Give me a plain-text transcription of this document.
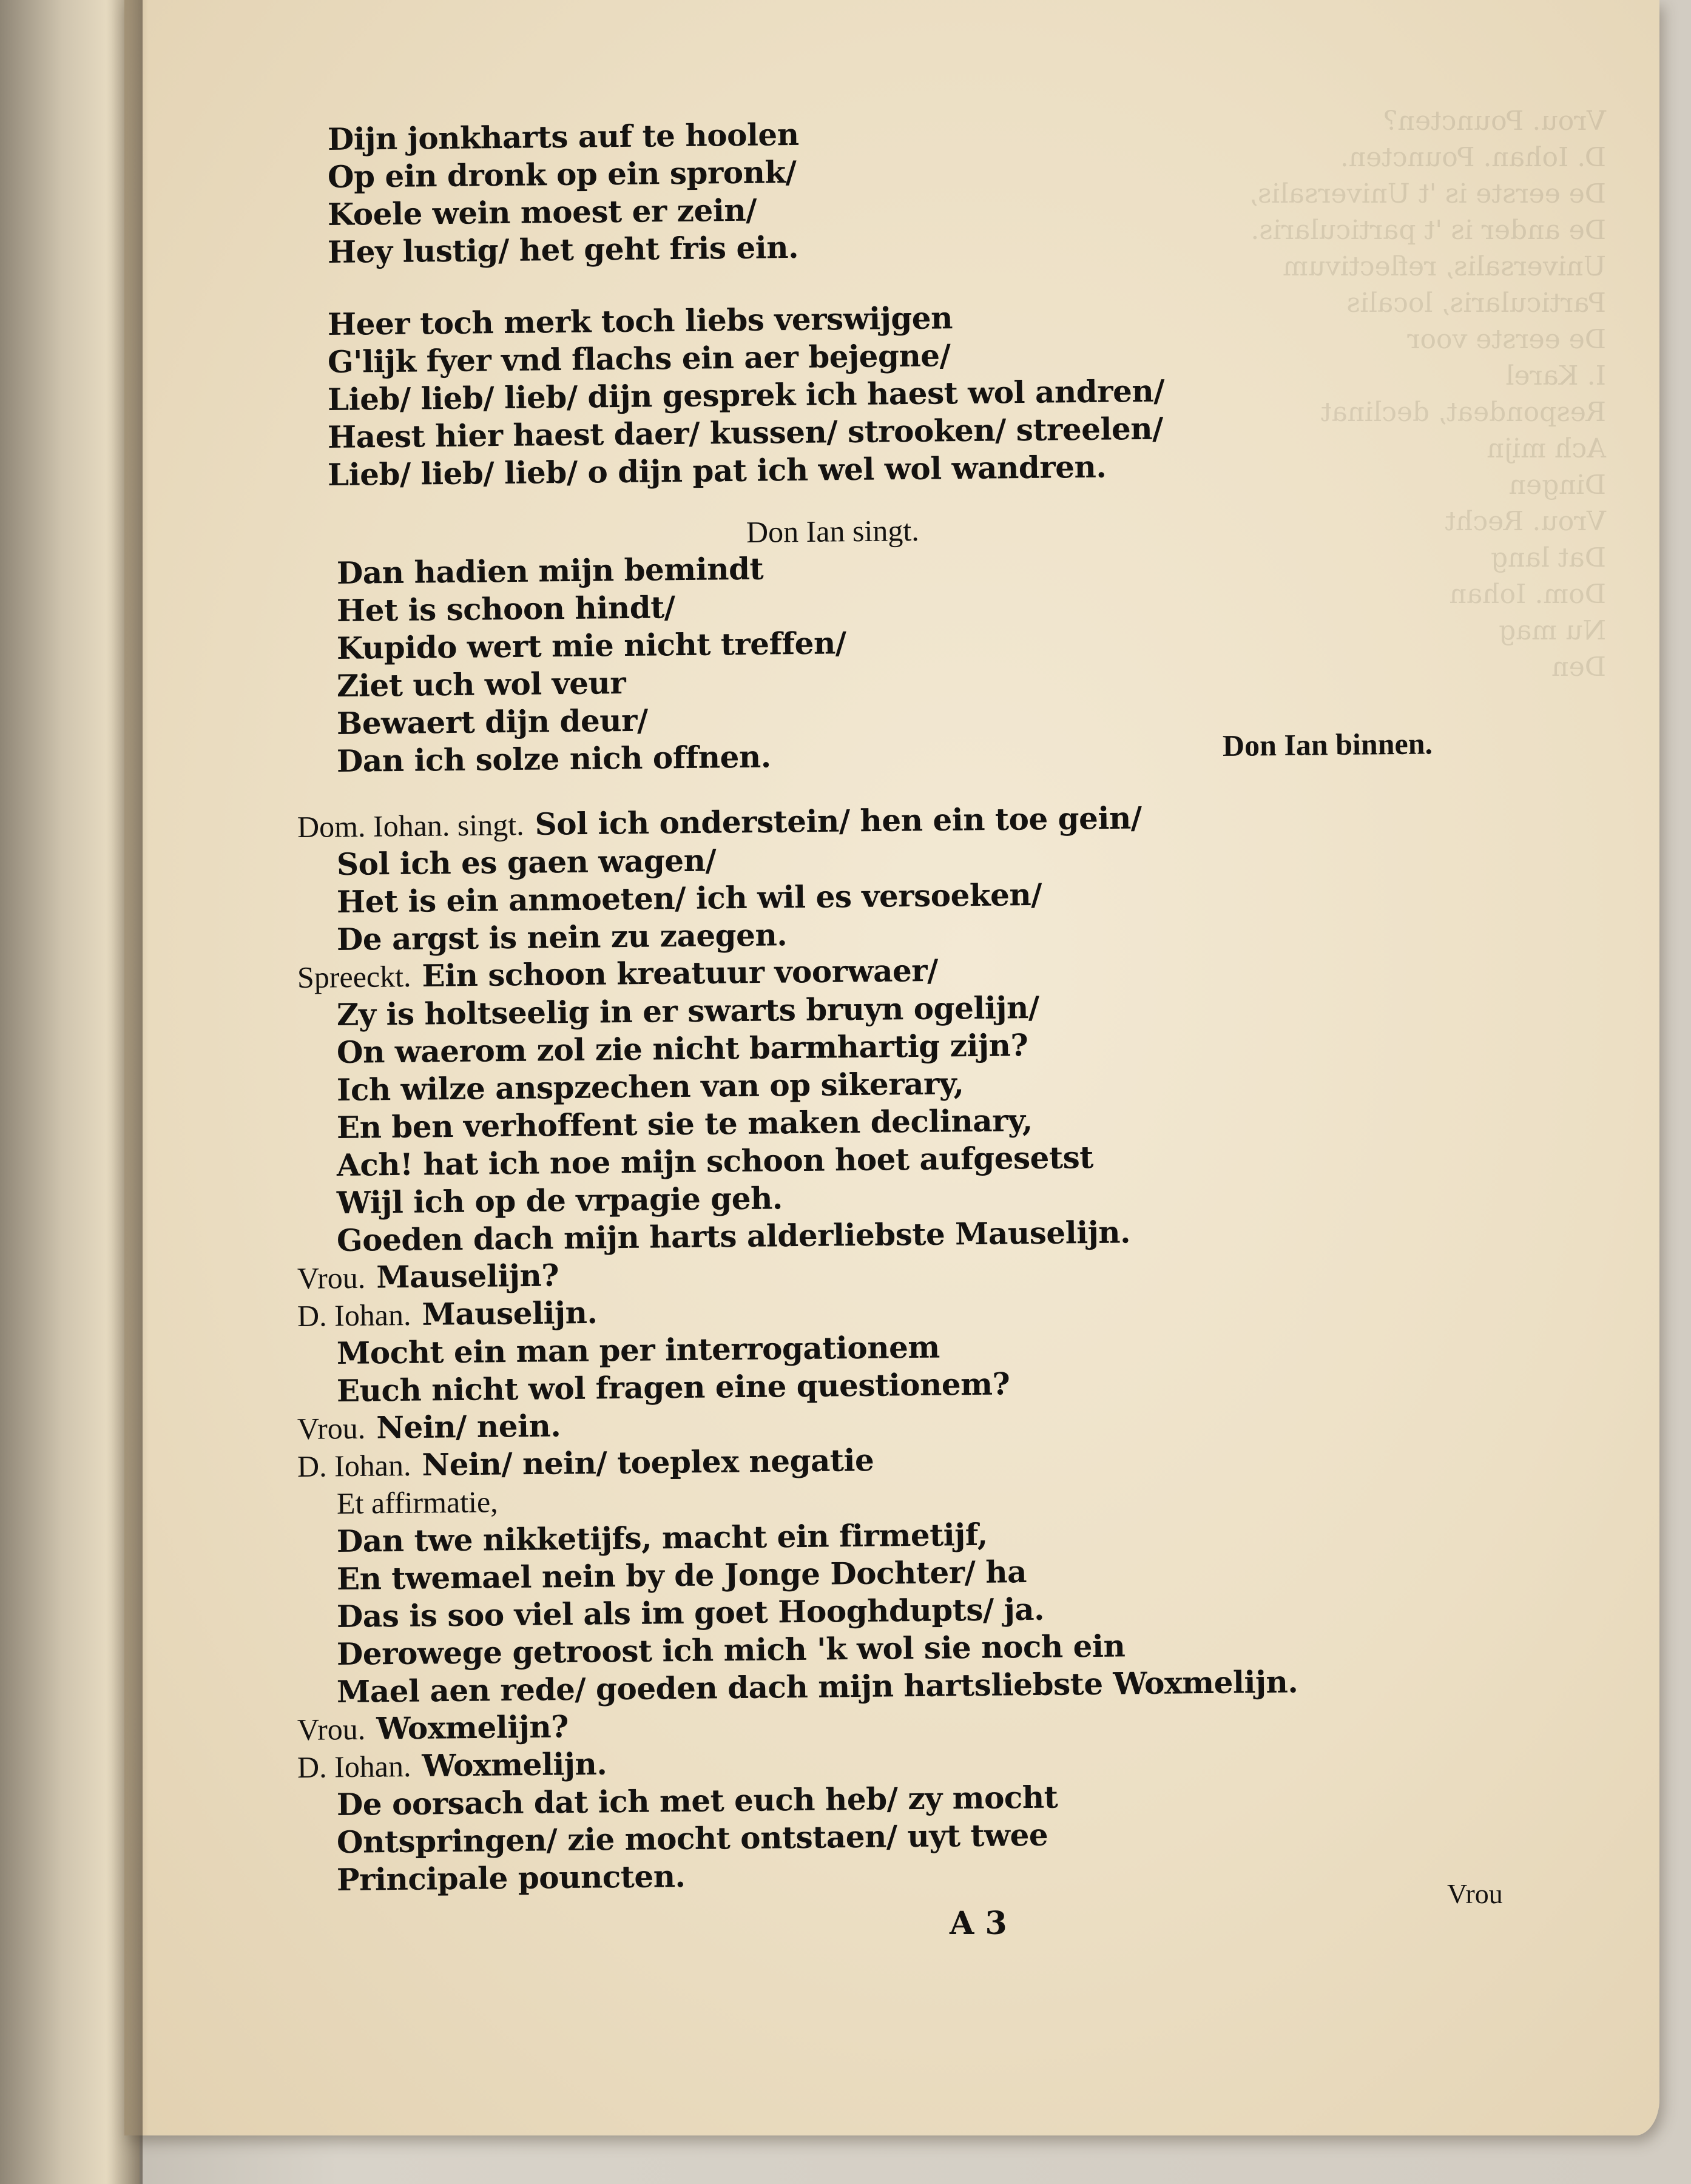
Vrou. Pouncten?
D. Iohan. Pouncten.
De eerste is 't Universalis,
De ander is 't particularis.
Universalis, reflectivum
Particularis, localis
De eerste voor
I. Karel
Respondeat, declinat
Ach mijn
Dingen
Vrou. Recht
Dat lang
Dom. Iohan
Nu mag
Den
Dijn jonkharts auf te hoolen
Op ein dronk op ein spronk/
Koele wein moest er zein/
Hey lustig/ het geht fris ein.
Heer toch merk toch liebs verswijgen
G'lijk fyer vnd flachs ein aer bejegne/
Lieb/ lieb/ lieb/ dijn gesprek ich haest wol andren/
Haest hier haest daer/ kussen/ strooken/ streelen/
Lieb/ lieb/ lieb/ o dijn pat ich wel wol wandren.
Don Ian singt.
Dan hadien mijn bemindt
Het is schoon hindt/
Kupido wert mie nicht treffen/
Ziet uch wol veur
Bewaert dijn deur/
Dan ich solze nich offnen.	Don Ian binnen.
Dom. Iohan. singt. Sol ich onderstein/ hen ein toe gein/
Sol ich es gaen wagen/
Het is ein anmoeten/ ich wil es versoeken/
De argst is nein zu zaegen.
Spreeckt. Ein schoon kreatuur voorwaer/
Zy is holtseelig in er swarts bruyn ogelijn/
On waerom zol zie nicht barmhartig zijn?
Ich wilze anspzechen van op sikerary,
En ben verhoffent sie te maken declinary,
Ach! hat ich noe mijn schoon hoet aufgesetst
Wijl ich op de vrpagie geh.
Goeden dach mijn harts alderliebste Mauselijn.
Vrou. Mauselijn?
D. Iohan. Mauselijn.
Mocht ein man per interrogationem
Euch nicht wol fragen eine questionem?
Vrou. Nein/ nein.
D. Iohan. Nein/ nein/ toeplex negatie
Et affirmatie,
Dan twe nikketijfs, macht ein firmetijf,
En twemael nein by de Jonge Dochter/ ha
Das is soo viel als im goet Hooghdupts/ ja.
Derowege getroost ich mich 'k wol sie noch ein
Mael aen rede/ goeden dach mijn hartsliebste Woxmelijn.
Vrou. Woxmelijn?
D. Iohan. Woxmelijn.
De oorsach dat ich met euch heb/ zy mocht
Ontspringen/ zie mocht ontstaen/ uyt twee
Principale pouncten.
A 3
Vrou
